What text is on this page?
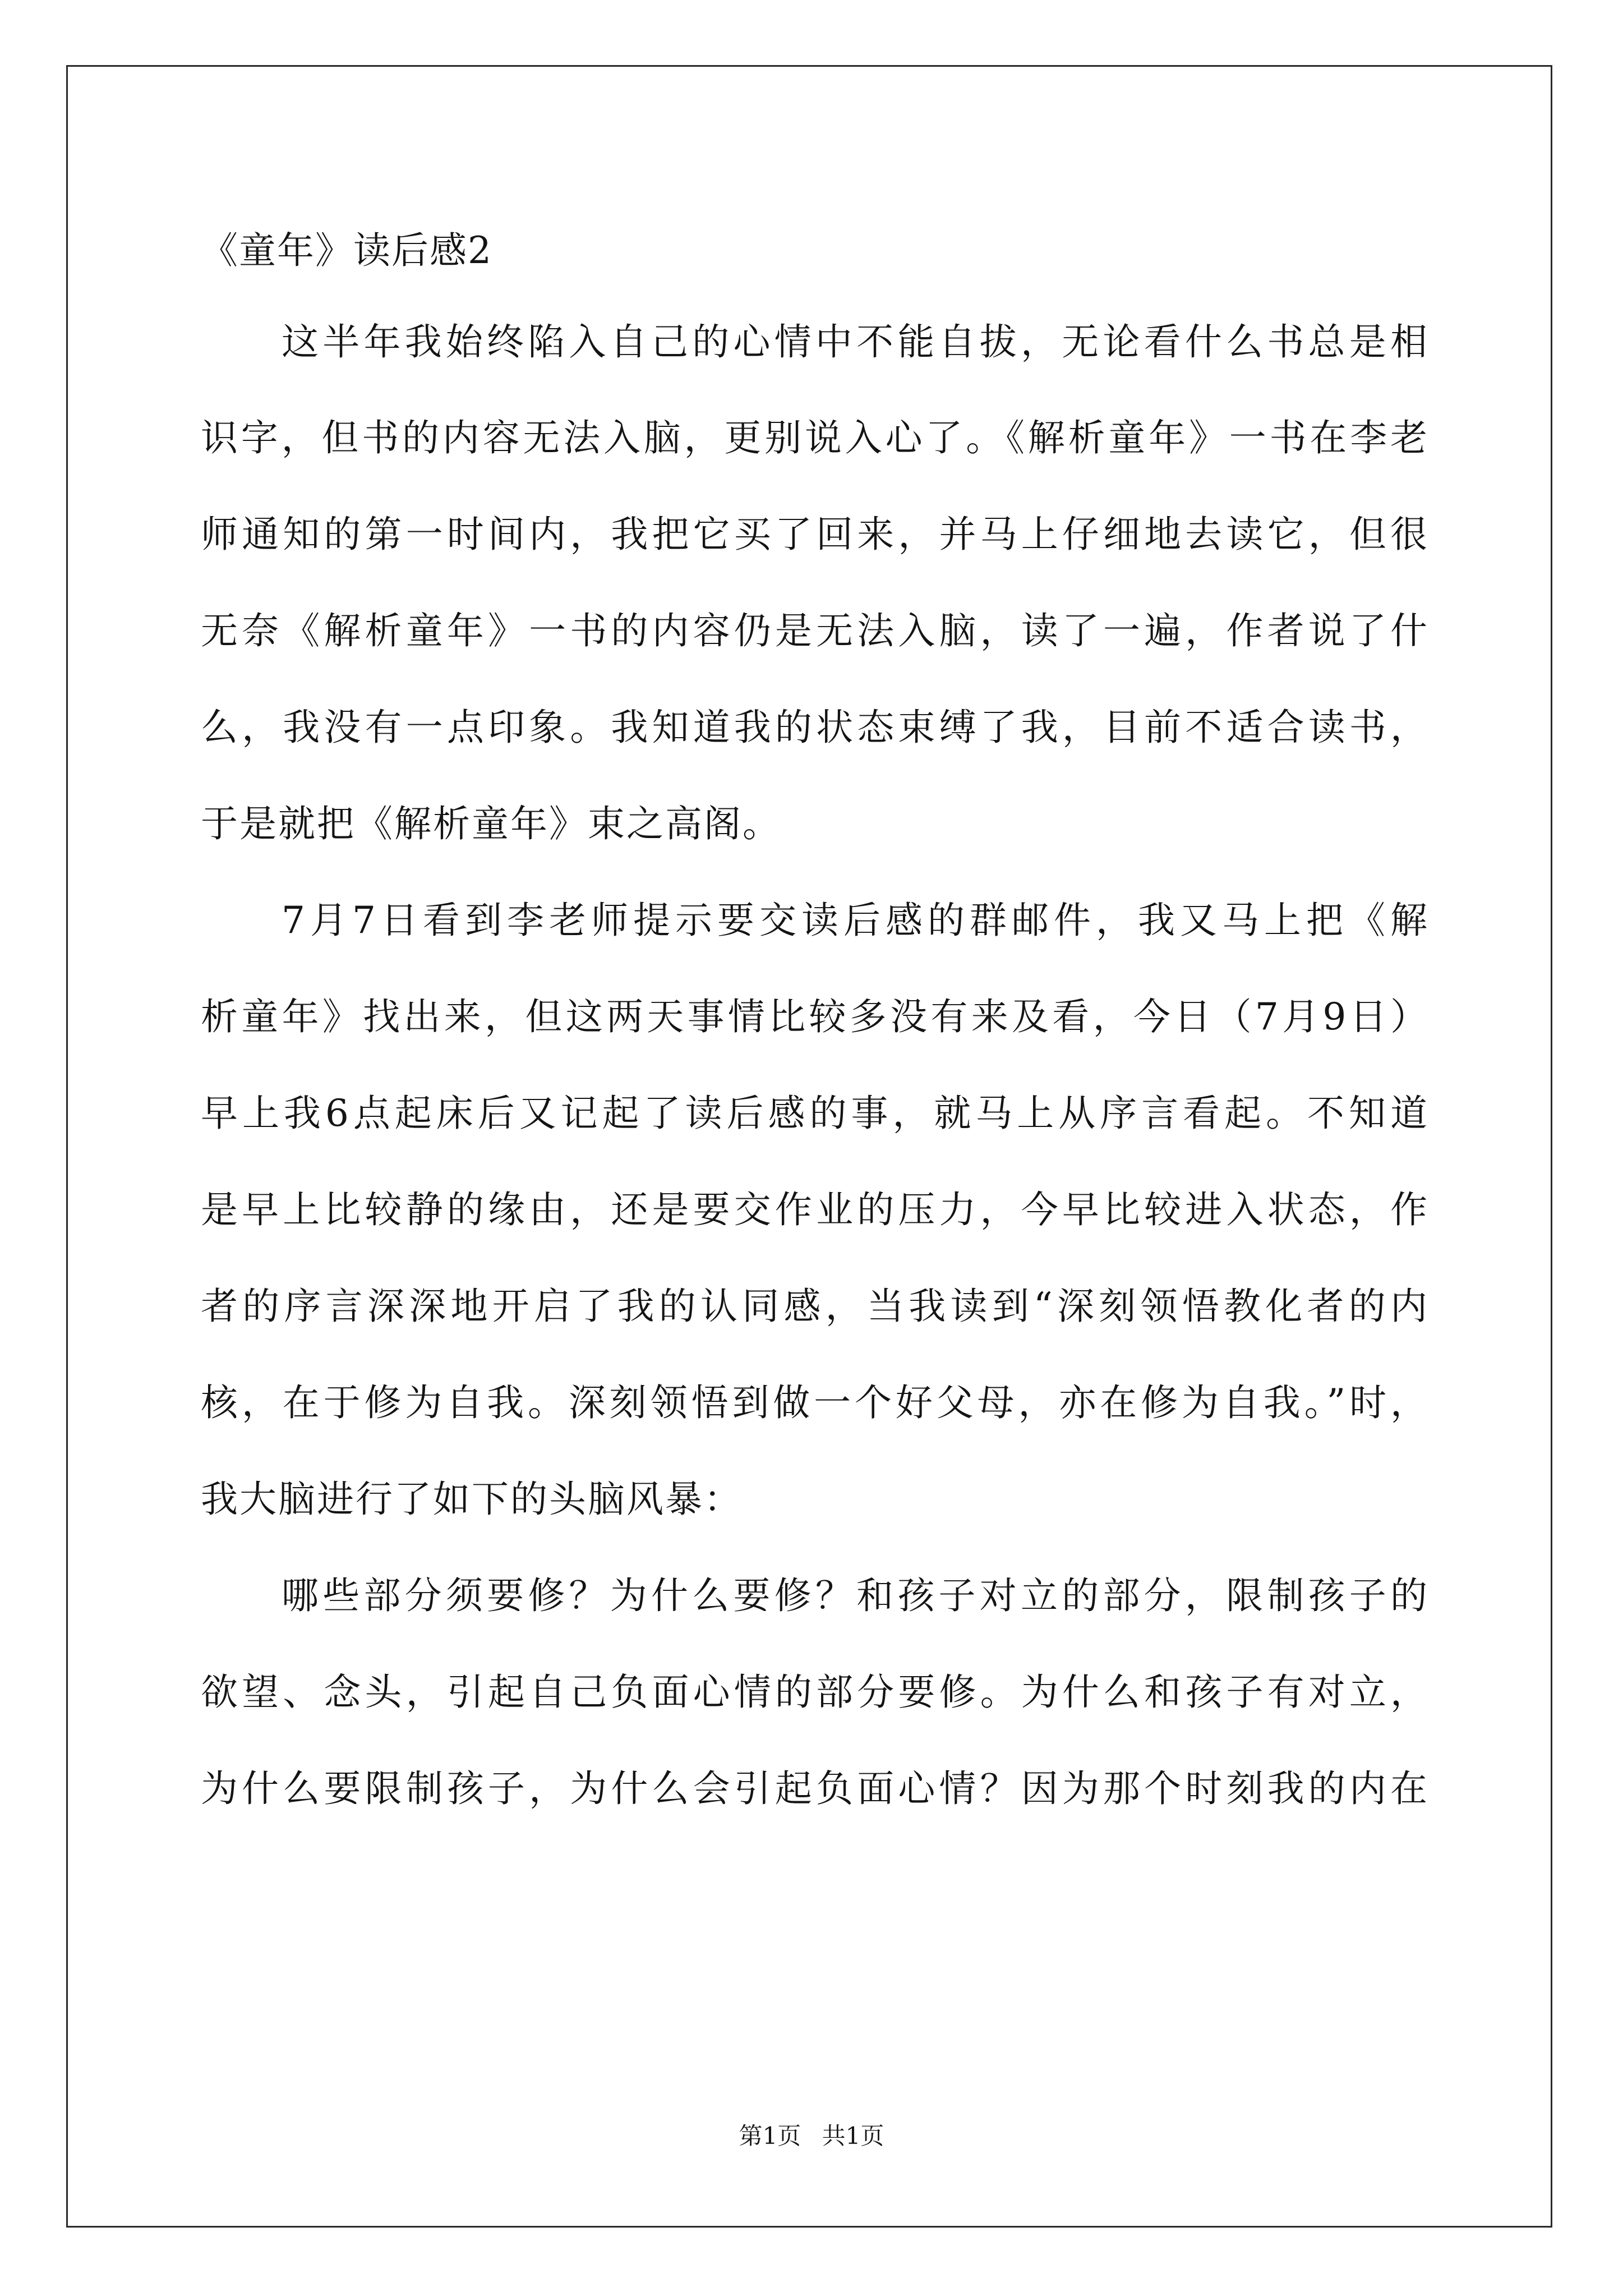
《童年》读后感2
这半年我始终陷入自己的心情中不能自拔，无论看什么书总是相
识字，但书的内容无法入脑，更别说入心了。《解析童年》一书在李老
师通知的第一时间内，我把它买了回来，并马上仔细地去读它，但很
无奈《解析童年》一书的内容仍是无法入脑，读了一遍，作者说了什
么，我没有一点印象。我知道我的状态束缚了我，目前不适合读书，
于是就把《解析童年》束之高阁。
7月7日看到李老师提示要交读后感的群邮件，我又马上把《解
析童年》找出来，但这两天事情比较多没有来及看，今日（7月9日）
早上我6点起床后又记起了读后感的事，就马上从序言看起。不知道
是早上比较静的缘由，还是要交作业的压力，今早比较进入状态，作
者的序言深深地开启了我的认同感，当我读到“深刻领悟教化者的内
核，在于修为自我。深刻领悟到做一个好父母，亦在修为自我。”时，
我大脑进行了如下的头脑风暴：
哪些部分须要修？为什么要修？和孩子对立的部分，限制孩子的
欲望、念头，引起自己负面心情的部分要修。为什么和孩子有对立，
为什么要限制孩子，为什么会引起负面心情？因为那个时刻我的内在
第1页 共1页
